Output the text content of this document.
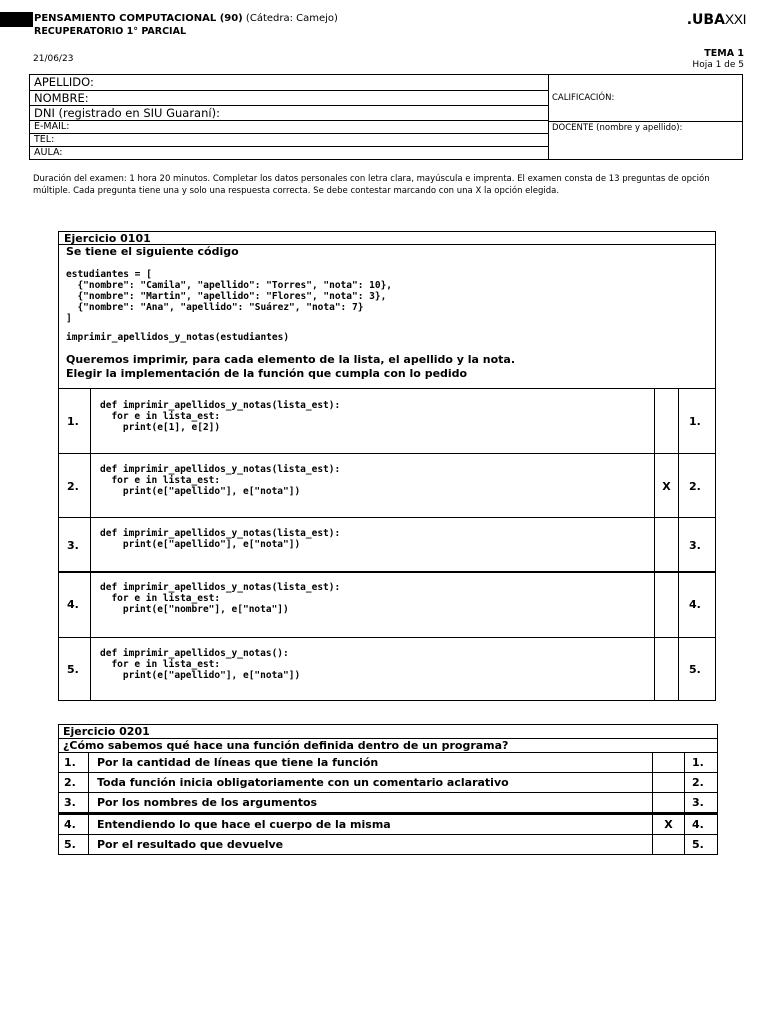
PENSAMIENTO COMPUTACIONAL (90) (Cátedra: Camejo)
RECUPERATORIO 1° PARCIAL
.UBAXXI
21/06/23	TEMA 1
Hoja 1 de 5
APELLIDO:
NOMBRE:
DNI (registrado en SIU Guaraní):
E-MAIL:
TEL:
AULA:
CALIFICACIÓN:
DOCENTE (nombre y apellido):
Duración del examen: 1 hora 20 minutos. Completar los datos personales con letra clara, mayúscula e imprenta. El examen consta de 13 preguntas de opción múltiple. Cada pregunta tiene una y solo una respuesta correcta. Se debe contestar marcando con una X la opción elegida.
Ejercicio 0101
Se tiene el siguiente código
estudiantes = [
{"nombre": "Camila", "apellido": "Torres", "nota": 10},
{"nombre": "Martin", "apellido": "Flores", "nota": 3},
{"nombre": "Ana", "apellido": "Suárez", "nota": 7}
]
imprimir_apellidos_y_notas(estudiantes)
Queremos imprimir, para cada elemento de la lista, el apellido y la nota.
Elegir la implementación de la función que cumpla con lo pedido
1.
def imprimir_apellidos_y_notas(lista_est):
for e in lista_est:
print(e[1], e[2])	1.
2.
def imprimir_apellidos_y_notas(lista_est):
for e in lista_est:
print(e["apellido"], e["nota"])	X	2.
3.
def imprimir_apellidos_y_notas(lista_est):
print(e["apellido"], e["nota"])	3.
4.
def imprimir_apellidos_y_notas(lista_est):
for e in lista_est:
print(e["nombre"], e["nota"])	4.
5.
def imprimir_apellidos_y_notas():
for e in lista_est:
print(e["apellido"], e["nota"])	5.
Ejercicio 0201
¿Cómo sabemos qué hace una función definida dentro de un programa?
1.	Por la cantidad de líneas que tiene la función	1.
2.	Toda función inicia obligatoriamente con un comentario aclarativo	2.
3.	Por los nombres de los argumentos	3.
4.	Entendiendo lo que hace el cuerpo de la misma	X	4.
5.	Por el resultado que devuelve	5.
